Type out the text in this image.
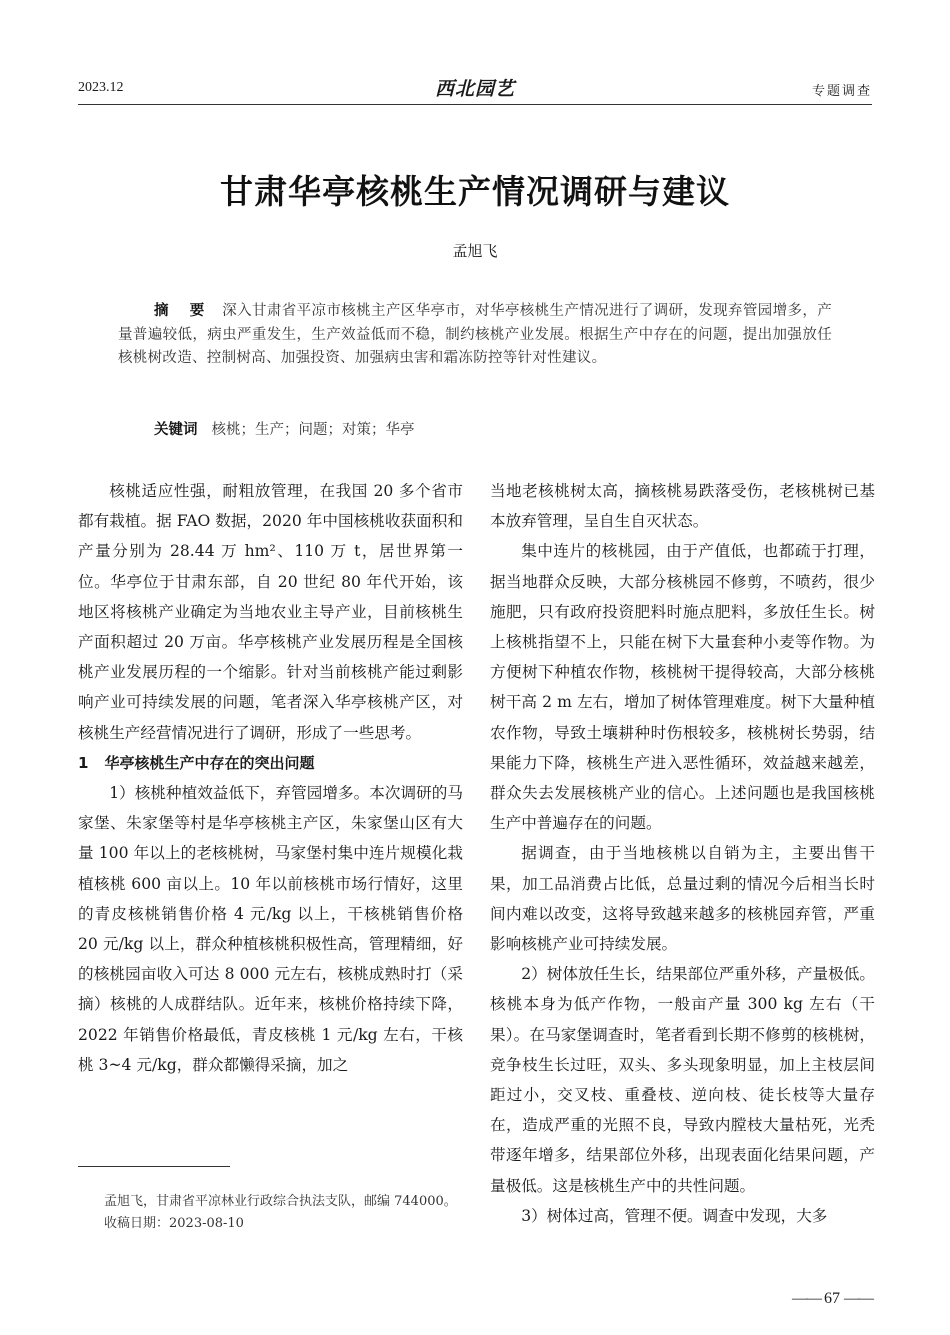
2023.12	西北园艺	专题调查
甘肃华亭核桃生产情况调研与建议
孟旭飞
摘 要 深入甘肃省平凉市核桃主产区华亭市，对华亭核桃生产情况进行了调研，发现弃管园增多，产量普遍较低，病虫严重发生，生产效益低而不稳，制约核桃产业发展。根据生产中存在的问题，提出加强放任核桃树改造、控制树高、加强投资、加强病虫害和霜冻防控等针对性建议。
关键词 核桃；生产；问题；对策；华亭

核桃适应性强，耐粗放管理，在我国 20 多个省市都有栽植。据 FAO 数据，2020 年中国核桃收获面积和产量分别为 28.44 万 hm²、110 万 t，居世界第一位。华亭位于甘肃东部，自 20 世纪 80 年代开始，该地区将核桃产业确定为当地农业主导产业，目前核桃生产面积超过 20 万亩。华亭核桃产业发展历程是全国核桃产业发展历程的一个缩影。针对当前核桃产能过剩影响产业可持续发展的问题，笔者深入华亭核桃产区，对核桃生产经营情况进行了调研，形成了一些思考。

1 华亭核桃生产中存在的突出问题

1）核桃种植效益低下，弃管园增多。本次调研的马家堡、朱家堡等村是华亭核桃主产区，朱家堡山区有大量 100 年以上的老核桃树，马家堡村集中连片规模化栽植核桃 600 亩以上。10 年以前核桃市场行情好，这里的青皮核桃销售价格 4 元/kg 以上，干核桃销售价格 20 元/kg 以上，群众种植核桃积极性高，管理精细，好的核桃园亩收入可达 8 000 元左右，核桃成熟时打（采摘）核桃的人成群结队。近年来，核桃价格持续下降，2022 年销售价格最低，青皮核桃 1 元/kg 左右，干核桃 3~4 元/kg，群众都懒得采摘，加之

当地老核桃树太高，摘核桃易跌落受伤，老核桃树已基本放弃管理，呈自生自灭状态。

集中连片的核桃园，由于产值低，也都疏于打理，据当地群众反映，大部分核桃园不修剪，不喷药，很少施肥，只有政府投资肥料时施点肥料，多放任生长。树上核桃指望不上，只能在树下大量套种小麦等作物。为方便树下种植农作物，核桃树干提得较高，大部分核桃树干高 2 m 左右，增加了树体管理难度。树下大量种植农作物，导致土壤耕种时伤根较多，核桃树长势弱，结果能力下降，核桃生产进入恶性循环，效益越来越差，群众失去发展核桃产业的信心。上述问题也是我国核桃生产中普遍存在的问题。

据调查，由于当地核桃以自销为主，主要出售干果，加工品消费占比低，总量过剩的情况今后相当长时间内难以改变，这将导致越来越多的核桃园弃管，严重影响核桃产业可持续发展。

2）树体放任生长，结果部位严重外移，产量极低。核桃本身为低产作物，一般亩产量 300 kg 左右（干果）。在马家堡调查时，笔者看到长期不修剪的核桃树，竞争枝生长过旺，双头、多头现象明显，加上主枝层间距过小，交叉枝、重叠枝、逆向枝、徒长枝等大量存在，造成严重的光照不良，导致内膛枝大量枯死，光秃带逐年增多，结果部位外移，出现表面化结果问题，产量极低。这是核桃生产中的共性问题。

3）树体过高，管理不便。调查中发现，大多

孟旭飞，甘肃省平凉林业行政综合执法支队，邮编 744000。

收稿日期：2023-08-10

—— 67 ——
